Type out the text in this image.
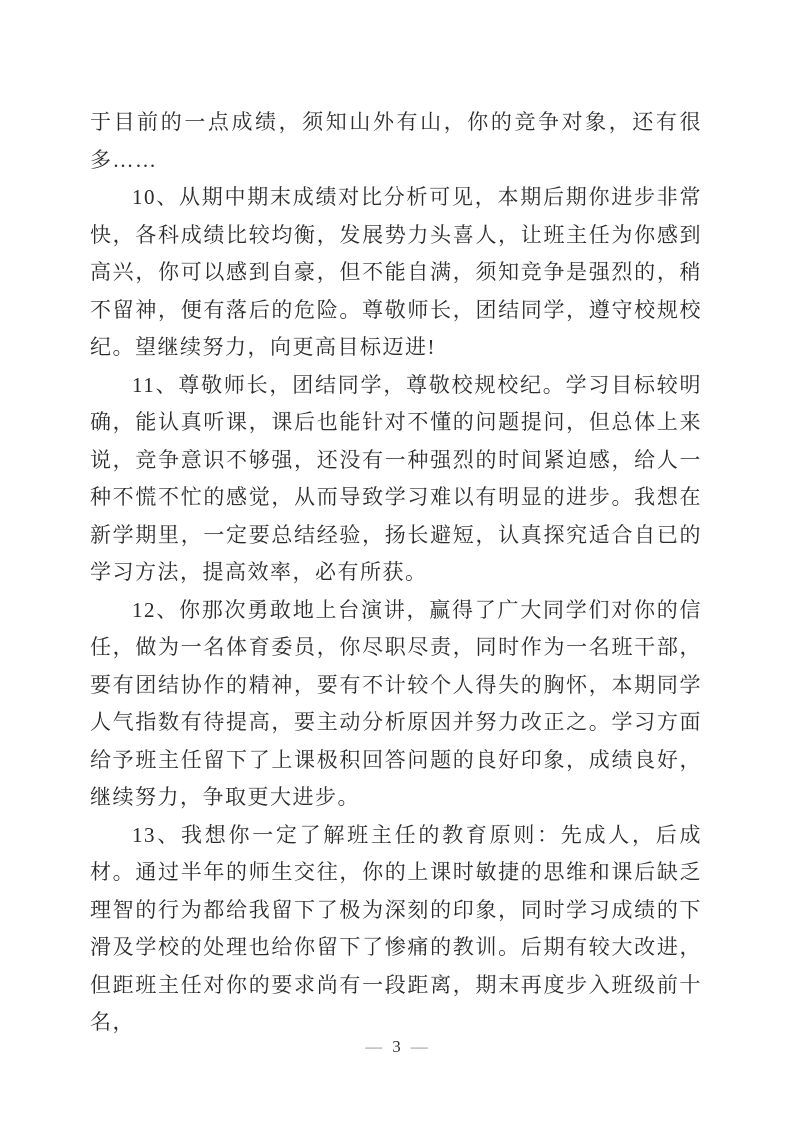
于目前的一点成绩，须知山外有山，你的竞争对象，还有很多……

10、从期中期末成绩对比分析可见，本期后期你进步非常快，各科成绩比较均衡，发展势力头喜人，让班主任为你感到高兴，你可以感到自豪，但不能自满，须知竞争是强烈的，稍不留神，便有落后的危险。尊敬师长，团结同学，遵守校规校纪。望继续努力，向更高目标迈进!

11、尊敬师长，团结同学，尊敬校规校纪。学习目标较明确，能认真听课，课后也能针对不懂的问题提问，但总体上来说，竞争意识不够强，还没有一种强烈的时间紧迫感，给人一种不慌不忙的感觉，从而导致学习难以有明显的进步。我想在新学期里，一定要总结经验，扬长避短，认真探究适合自已的学习方法，提高效率，必有所获。

12、你那次勇敢地上台演讲，赢得了广大同学们对你的信任，做为一名体育委员，你尽职尽责，同时作为一名班干部，要有团结协作的精神，要有不计较个人得失的胸怀，本期同学人气指数有待提高，要主动分析原因并努力改正之。学习方面给予班主任留下了上课极积回答问题的良好印象，成绩良好，继续努力，争取更大进步。

13、我想你一定了解班主任的教育原则：先成人，后成材。通过半年的师生交往，你的上课时敏捷的思维和课后缺乏理智的行为都给我留下了极为深刻的印象，同时学习成绩的下滑及学校的处理也给你留下了惨痛的教训。后期有较大改进，但距班主任对你的要求尚有一段距离，期末再度步入班级前十名，

— 3 —
